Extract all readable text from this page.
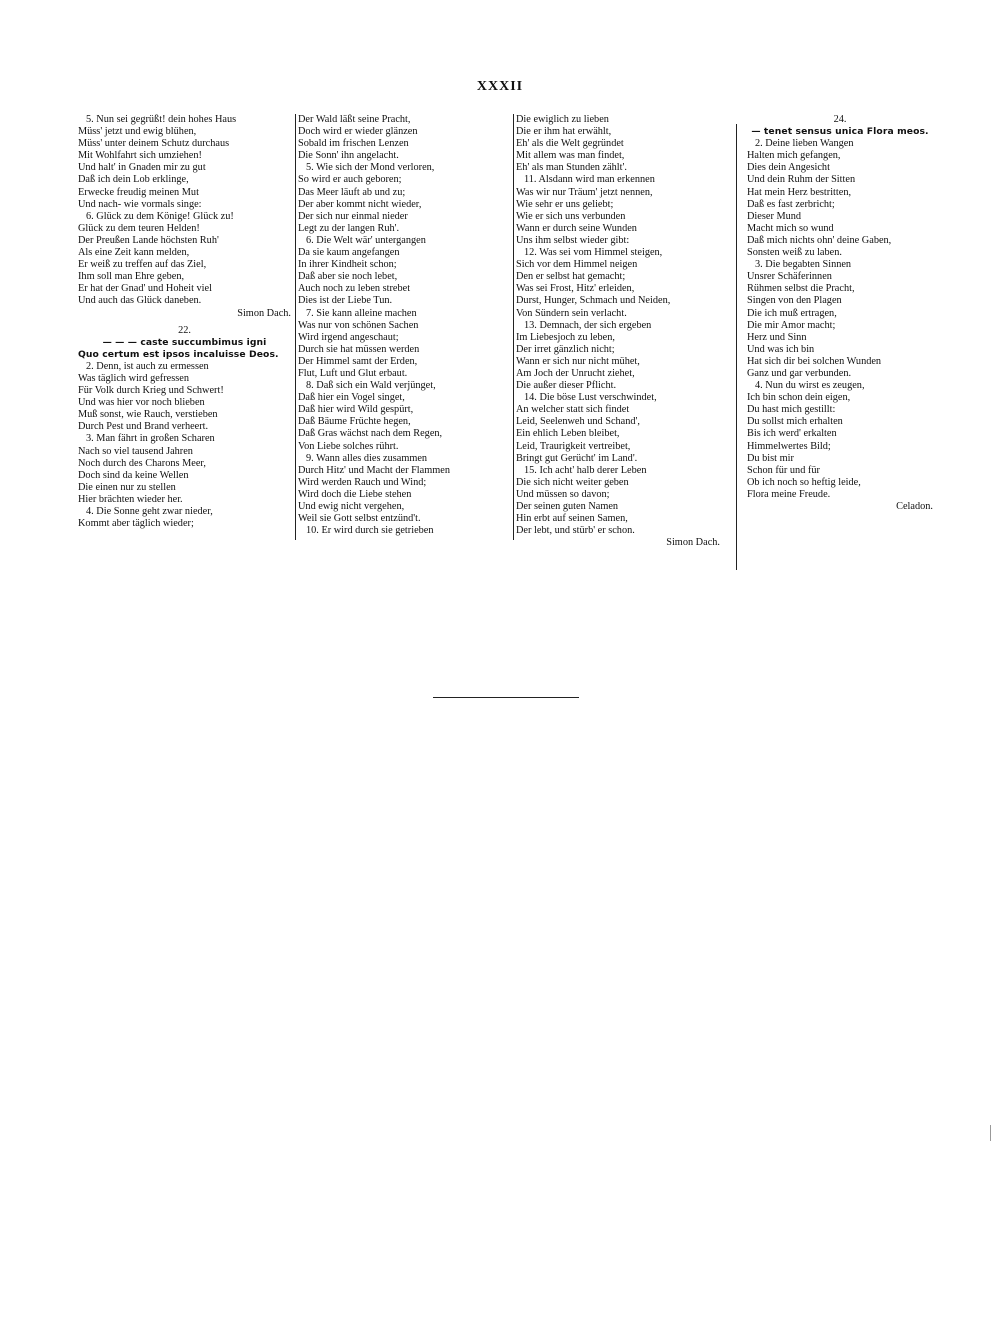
XXXII
5. Nun sei gegrüßt! dein hohes Haus
Müss' jetzt und ewig blühen,
Müss' unter deinem Schutz durchaus
Mit Wohlfahrt sich umziehen!
Und halt' in Gnaden mir zu gut
Daß ich dein Lob erklinge,
Erwecke freudig meinen Mut
Und nach- wie vormals singe:
6. Glück zu dem Könige! Glück zu!
Glück zu dem teuren Helden!
Der Preußen Lande höchsten Ruh'
Als eine Zeit kann melden,
Er weiß zu treffen auf das Ziel,
Ihm soll man Ehre geben,
Er hat der Gnad' und Hoheit viel
Und auch das Glück daneben.
Simon Dach.
22.
— — — caste succumbimus igni
Quo certum est ipsos incaluisse Deos.
2. Denn, ist auch zu ermessen
Was täglich wird gefressen
Für Volk durch Krieg und Schwert!
Und was hier vor noch blieben
Muß sonst, wie Rauch, verstieben
Durch Pest und Brand verheert.
3. Man fährt in großen Scharen
Nach so viel tausend Jahren
Noch durch des Charons Meer,
Doch sind da keine Wellen
Die einen nur zu stellen
Hier brächten wieder her.
4. Die Sonne geht zwar nieder,
Kommt aber täglich wieder;
Der Wald läßt seine Pracht,
Doch wird er wieder glänzen
Sobald im frischen Lenzen
Die Sonn' ihn angelacht.
5. Wie sich der Mond verloren,
So wird er auch geboren;
Das Meer läuft ab und zu;
Der aber kommt nicht wieder,
Der sich nur einmal nieder
Legt zu der langen Ruh'.
6. Die Welt wär' untergangen
Da sie kaum angefangen
In ihrer Kindheit schon;
Daß aber sie noch lebet,
Auch noch zu leben strebet
Dies ist der Liebe Tun.
7. Sie kann alleine machen
Was nur von schönen Sachen
Wird irgend angeschaut;
Durch sie hat müssen werden
Der Himmel samt der Erden,
Flut, Luft und Glut erbaut.
8. Daß sich ein Wald verjünget,
Daß hier ein Vogel singet,
Daß hier wird Wild gespürt,
Daß Bäume Früchte hegen,
Daß Gras wächst nach dem Regen,
Von Liebe solches rührt.
9. Wann alles dies zusammen
Durch Hitz' und Macht der Flammen
Wird werden Rauch und Wind;
Wird doch die Liebe stehen
Und ewig nicht vergehen,
Weil sie Gott selbst entzünd't.
10. Er wird durch sie getrieben
Die ewiglich zu lieben
Die er ihm hat erwählt,
Eh' als die Welt gegründet
Mit allem was man findet,
Eh' als man Stunden zählt'.
11. Alsdann wird man erkennen
Was wir nur Träum' jetzt nennen,
Wie sehr er uns geliebt;
Wie er sich uns verbunden
Wann er durch seine Wunden
Uns ihm selbst wieder gibt:
12. Was sei vom Himmel steigen,
Sich vor dem Himmel neigen
Den er selbst hat gemacht;
Was sei Frost, Hitz' erleiden,
Durst, Hunger, Schmach und Neiden,
Von Sündern sein verlacht.
13. Demnach, der sich ergeben
Im Liebesjoch zu leben,
Der irret gänzlich nicht;
Wann er sich nur nicht mühet,
Am Joch der Unrucht ziehet,
Die außer dieser Pflicht.
14. Die böse Lust verschwindet,
An welcher statt sich findet
Leid, Seelenweh und Schand',
Ein ehlich Leben bleibet,
Leid, Traurigkeit vertreibet,
Bringt gut Gerücht' im Land'.
15. Ich acht' halb derer Leben
Die sich nicht weiter geben
Und müssen so davon;
Der seinen guten Namen
Hin erbt auf seinen Samen,
Der lebt, und stürb' er schon.
Simon Dach.
24.
— tenet sensus unica Flora meos.
2. Deine lieben Wangen
Halten mich gefangen,
Dies dein Angesicht
Und dein Ruhm der Sitten
Hat mein Herz bestritten,
Daß es fast zerbricht;
Dieser Mund
Macht mich so wund
Daß mich nichts ohn' deine Gaben,
Sonsten weiß zu laben.
3. Die begabten Sinnen
Unsrer Schäferinnen
Rühmen selbst die Pracht,
Singen von den Plagen
Die ich muß ertragen,
Die mir Amor macht;
Herz und Sinn
Und was ich bin
Hat sich dir bei solchen Wunden
Ganz und gar verbunden.
4. Nun du wirst es zeugen,
Ich bin schon dein eigen,
Du hast mich gestillt:
Du sollst mich erhalten
Bis ich werd' erkalten
Himmelwertes Bild;
Du bist mir
Schon für und für
Ob ich noch so heftig leide,
Flora meine Freude.
Celadon.
